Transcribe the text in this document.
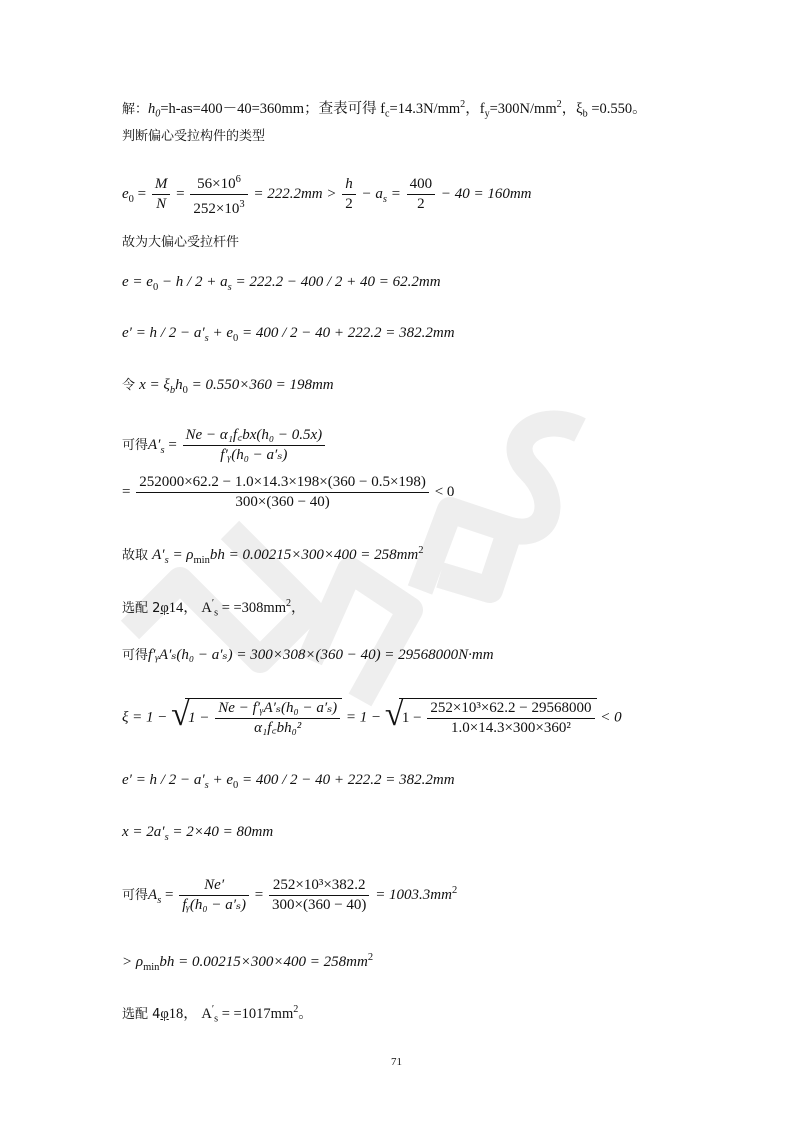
解：$h_0=h-as=400-40=360mm$；查表可得 $f_c=14.3N/mm^2$，$f_y=300N/mm^2$，$\xi_b =0.550$。
判断偏心受拉构件的类型
$e_0 = \frac{M}{N} = \frac{56\times 10^6}{252\times 10^3} = 222.2mm > \frac{h}{2} - a_s = \frac{400}{2} - 40 = 160mm$
故为大偏心受拉杆件
$e = e_0 - h / 2 + a_s = 222.2 - 400 / 2 + 40 = 62.2mm$
$e' = h / 2 - a'_s + e_0 = 400 / 2 - 40 + 222.2 = 382.2mm$
令 $x = \xi_bh_0 = 0.550\times 360 = 198mm$
可得$A'_s = \frac{\text{Ne − α₁f꜀bx(h₀ − 0.5x)}}{\text{f′ᵧ(h₀ − a′ₛ)}}$
= $\frac{252000\times 62.2 - 1.0\times 14.3\times 198\times(360 - 0.5\times 198)}{300\times(360 - 40)} < 0$
故取 $A'_s = \rho_{min}bh = 0.00215\times 300\times 400 = 258mm^2$
选配 2φ14， $A'_s = =308mm^2$，
可得f′ᵧA′ₛ(h₀ − a′ₛ) = 300×308×(360 − 40) = 29568000N·mm
ξ = 1 − √ $1 - \frac{\text{Ne − f′ᵧA′ₛ(h₀ − a′ₛ)}}{\text{α₁f꜀bh₀²}} = 1$ − √ $1 - \frac{\text{252×10³×62.2 − 29568000}}{\text{1.0×14.3×300×360²}} < 0$
$e' = h / 2 - a'_s + e_0 = 400 / 2 - 40 + 222.2 = 382.2mm$
$x = 2a'_s = 2\times 40 = 80mm$
可得$A_s = \frac{Ne'}{\text{fᵧ(h₀ − a′ₛ)}} = \frac{\text{252×10³×382.2}}{300\times(360 - 40)} = 1003.3mm^2$
> $\rho_{min}bh = 0.00215\times 300\times 400 = 258mm^2$
选配 4φ18， $A'_s = =1017mm^2$。
71
